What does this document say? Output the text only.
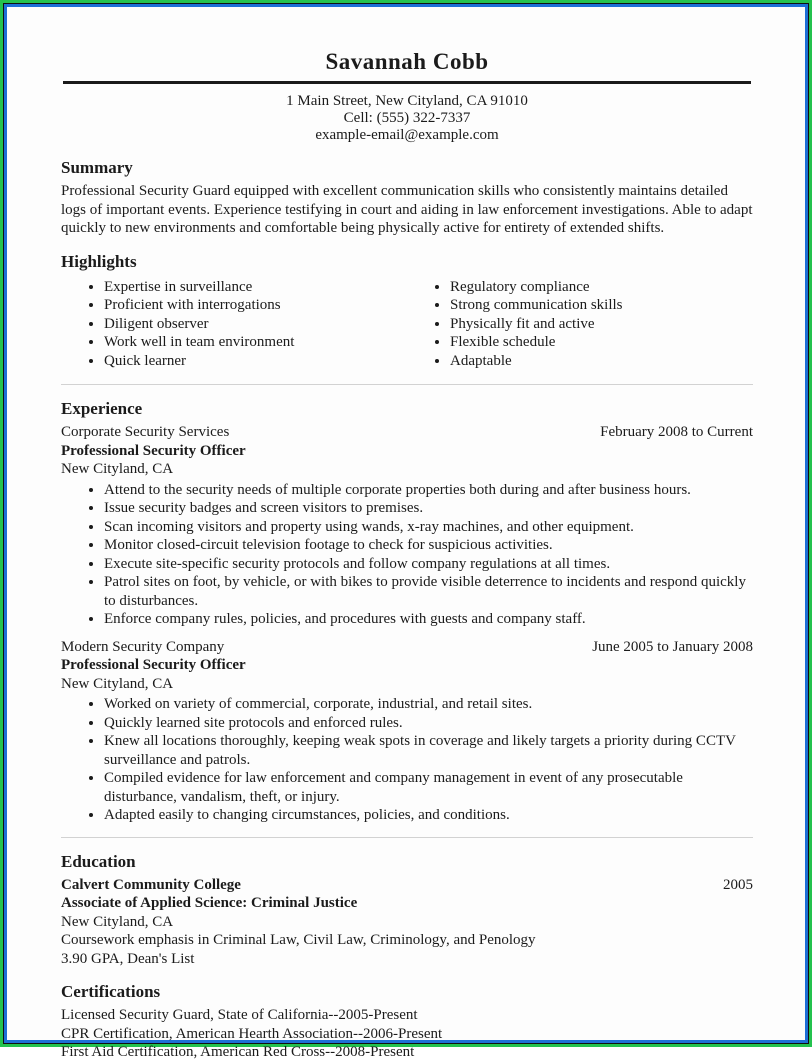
Savannah Cobb
1 Main Street, New Cityland, CA 91010
Cell: (555) 322-7337
example-email@example.com
Summary
Professional Security Guard equipped with excellent communication skills who consistently maintains detailed logs of important events. Experience testifying in court and aiding in law enforcement investigations. Able to adapt quickly to new environments and comfortable being physically active for entirety of extended shifts.
Highlights
• Expertise in surveillance
• Proficient with interrogations
• Diligent observer
• Work well in team environment
• Quick learner
• Regulatory compliance
• Strong communication skills
• Physically fit and active
• Flexible schedule
• Adaptable
Experience
Corporate Security Services	February 2008 to Current
Professional Security Officer
New Cityland, CA
• Attend to the security needs of multiple corporate properties both during and after business hours.
• Issue security badges and screen visitors to premises.
• Scan incoming visitors and property using wands, x-ray machines, and other equipment.
• Monitor closed-circuit television footage to check for suspicious activities.
• Execute site-specific security protocols and follow company regulations at all times.
• Patrol sites on foot, by vehicle, or with bikes to provide visible deterrence to incidents and respond quickly to disturbances.
• Enforce company rules, policies, and procedures with guests and company staff.
Modern Security Company	June 2005 to January 2008
Professional Security Officer
New Cityland, CA
• Worked on variety of commercial, corporate, industrial, and retail sites.
• Quickly learned site protocols and enforced rules.
• Knew all locations thoroughly, keeping weak spots in coverage and likely targets a priority during CCTV surveillance and patrols.
• Compiled evidence for law enforcement and company management in event of any prosecutable disturbance, vandalism, theft, or injury.
• Adapted easily to changing circumstances, policies, and conditions.
Education
Calvert Community College	2005
Associate of Applied Science: Criminal Justice
New Cityland, CA
Coursework emphasis in Criminal Law, Civil Law, Criminology, and Penology
3.90 GPA, Dean's List
Certifications
Licensed Security Guard, State of California--2005-Present
CPR Certification, American Hearth Association--2006-Present
First Aid Certification, American Red Cross--2008-Present
